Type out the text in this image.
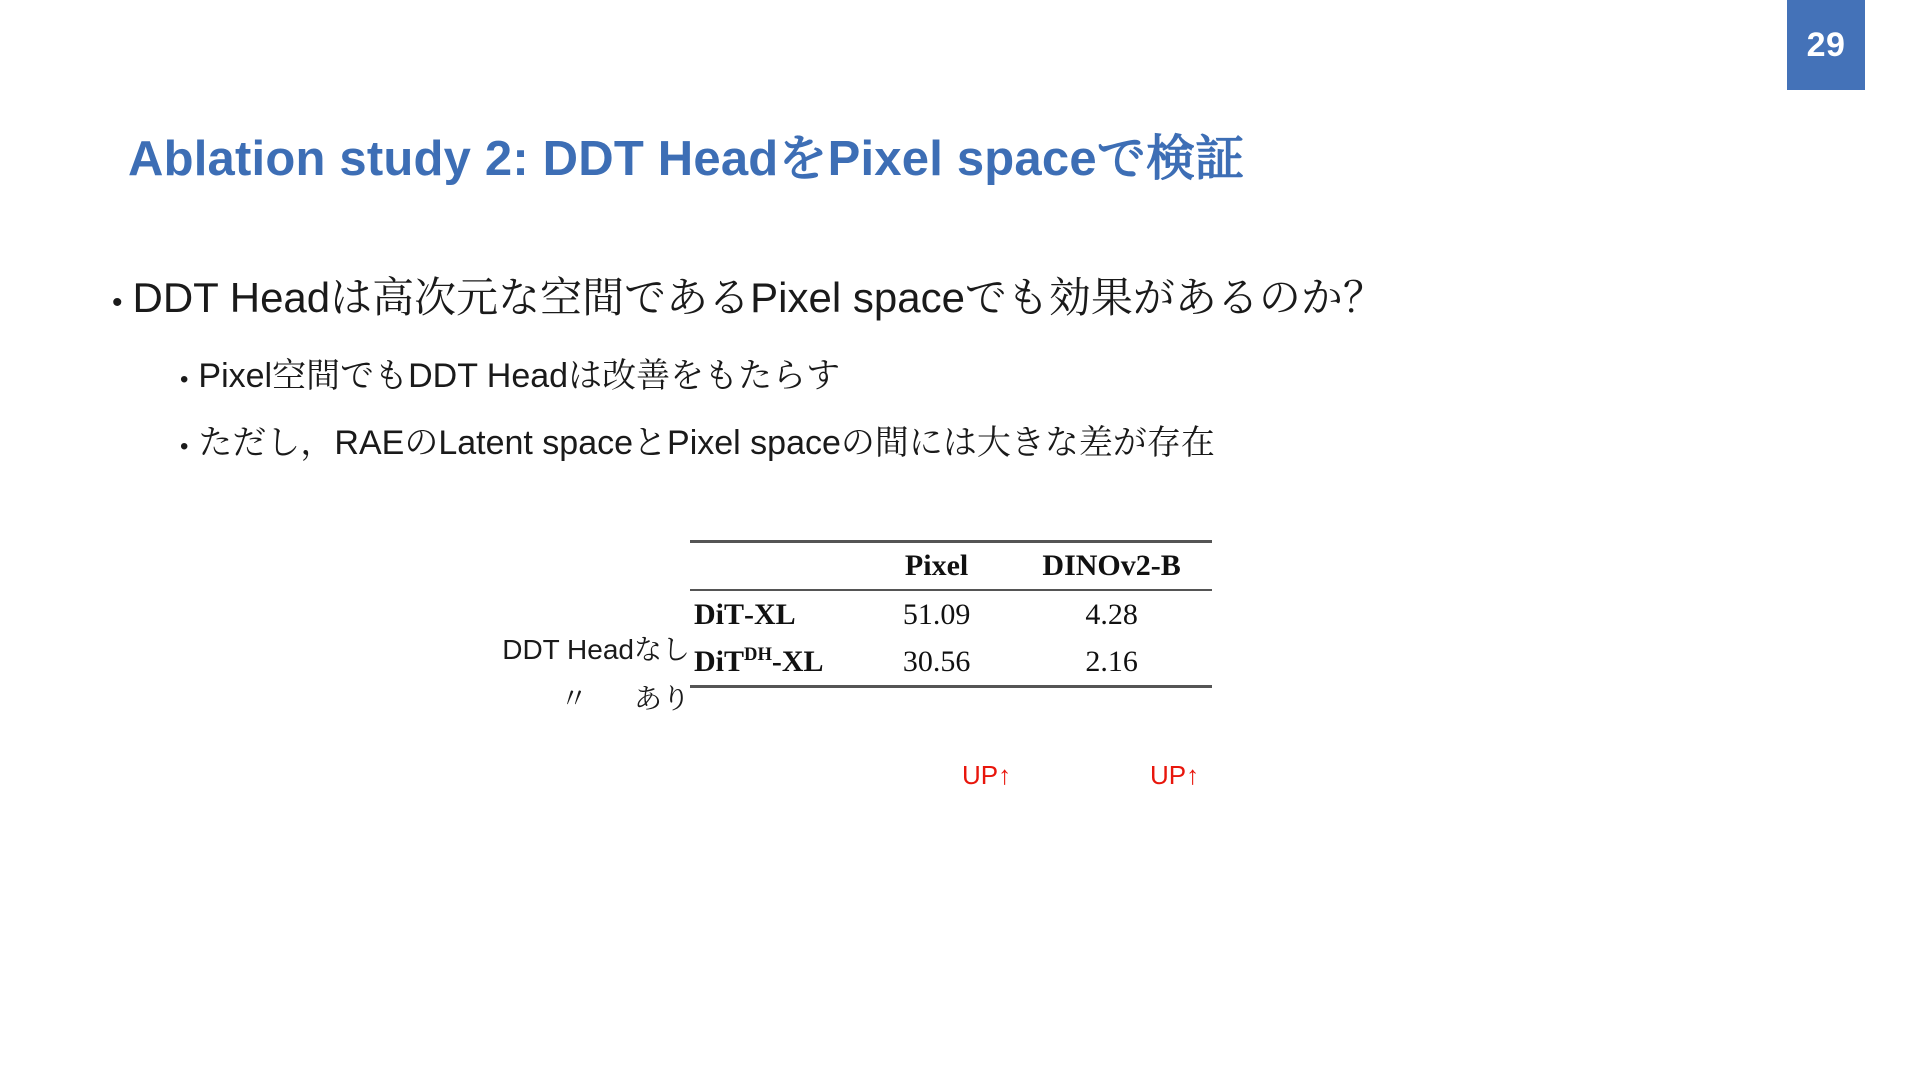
29
Ablation study 2: DDT HeadをPixel spaceで検証
• DDT Headは高次元な空間であるPixel spaceでも効果があるのか？
• Pixel空間でもDDT Headは改善をもたらす
• ただし，RAEのLatent spaceとPixel spaceの間には大きな差が存在
DDT Headなし
〃 あり
	Pixel	DINOv2-B
DiT-XL	51.09	4.28
DiT$^{DH}$-XL	30.56	2.16

UP↑	UP↑
